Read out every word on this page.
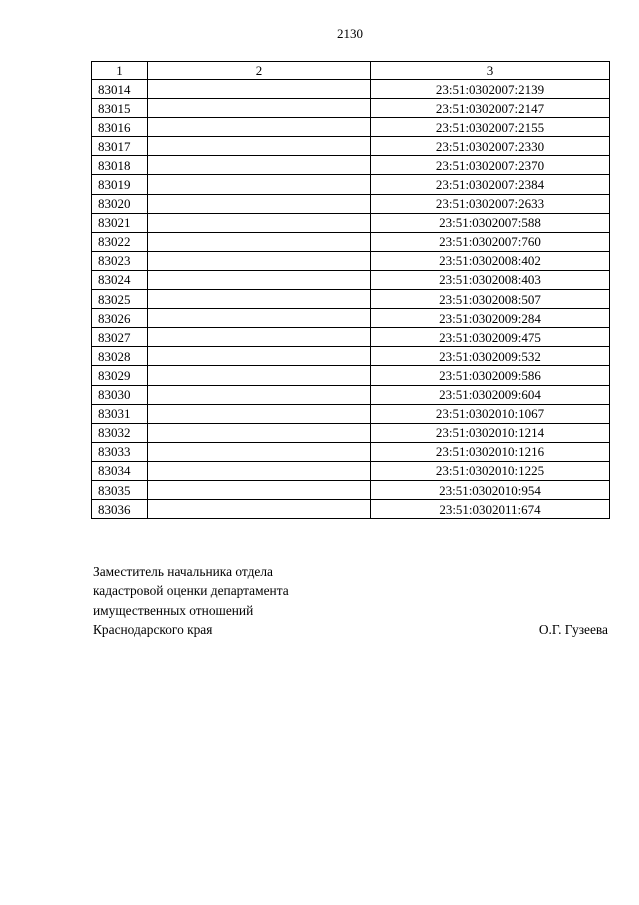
2130
1	2	3
83014		23:51:0302007:2139
83015		23:51:0302007:2147
83016		23:51:0302007:2155
83017		23:51:0302007:2330
83018		23:51:0302007:2370
83019		23:51:0302007:2384
83020		23:51:0302007:2633
83021		23:51:0302007:588
83022		23:51:0302007:760
83023		23:51:0302008:402
83024		23:51:0302008:403
83025		23:51:0302008:507
83026		23:51:0302009:284
83027		23:51:0302009:475
83028		23:51:0302009:532
83029		23:51:0302009:586
83030		23:51:0302009:604
83031		23:51:0302010:1067
83032		23:51:0302010:1214
83033		23:51:0302010:1216
83034		23:51:0302010:1225
83035		23:51:0302010:954
83036		23:51:0302011:674
Заместитель начальника отдела
кадастровой оценки департамента
имущественных отношений
Краснодарского края	О.Г. Гузеева
